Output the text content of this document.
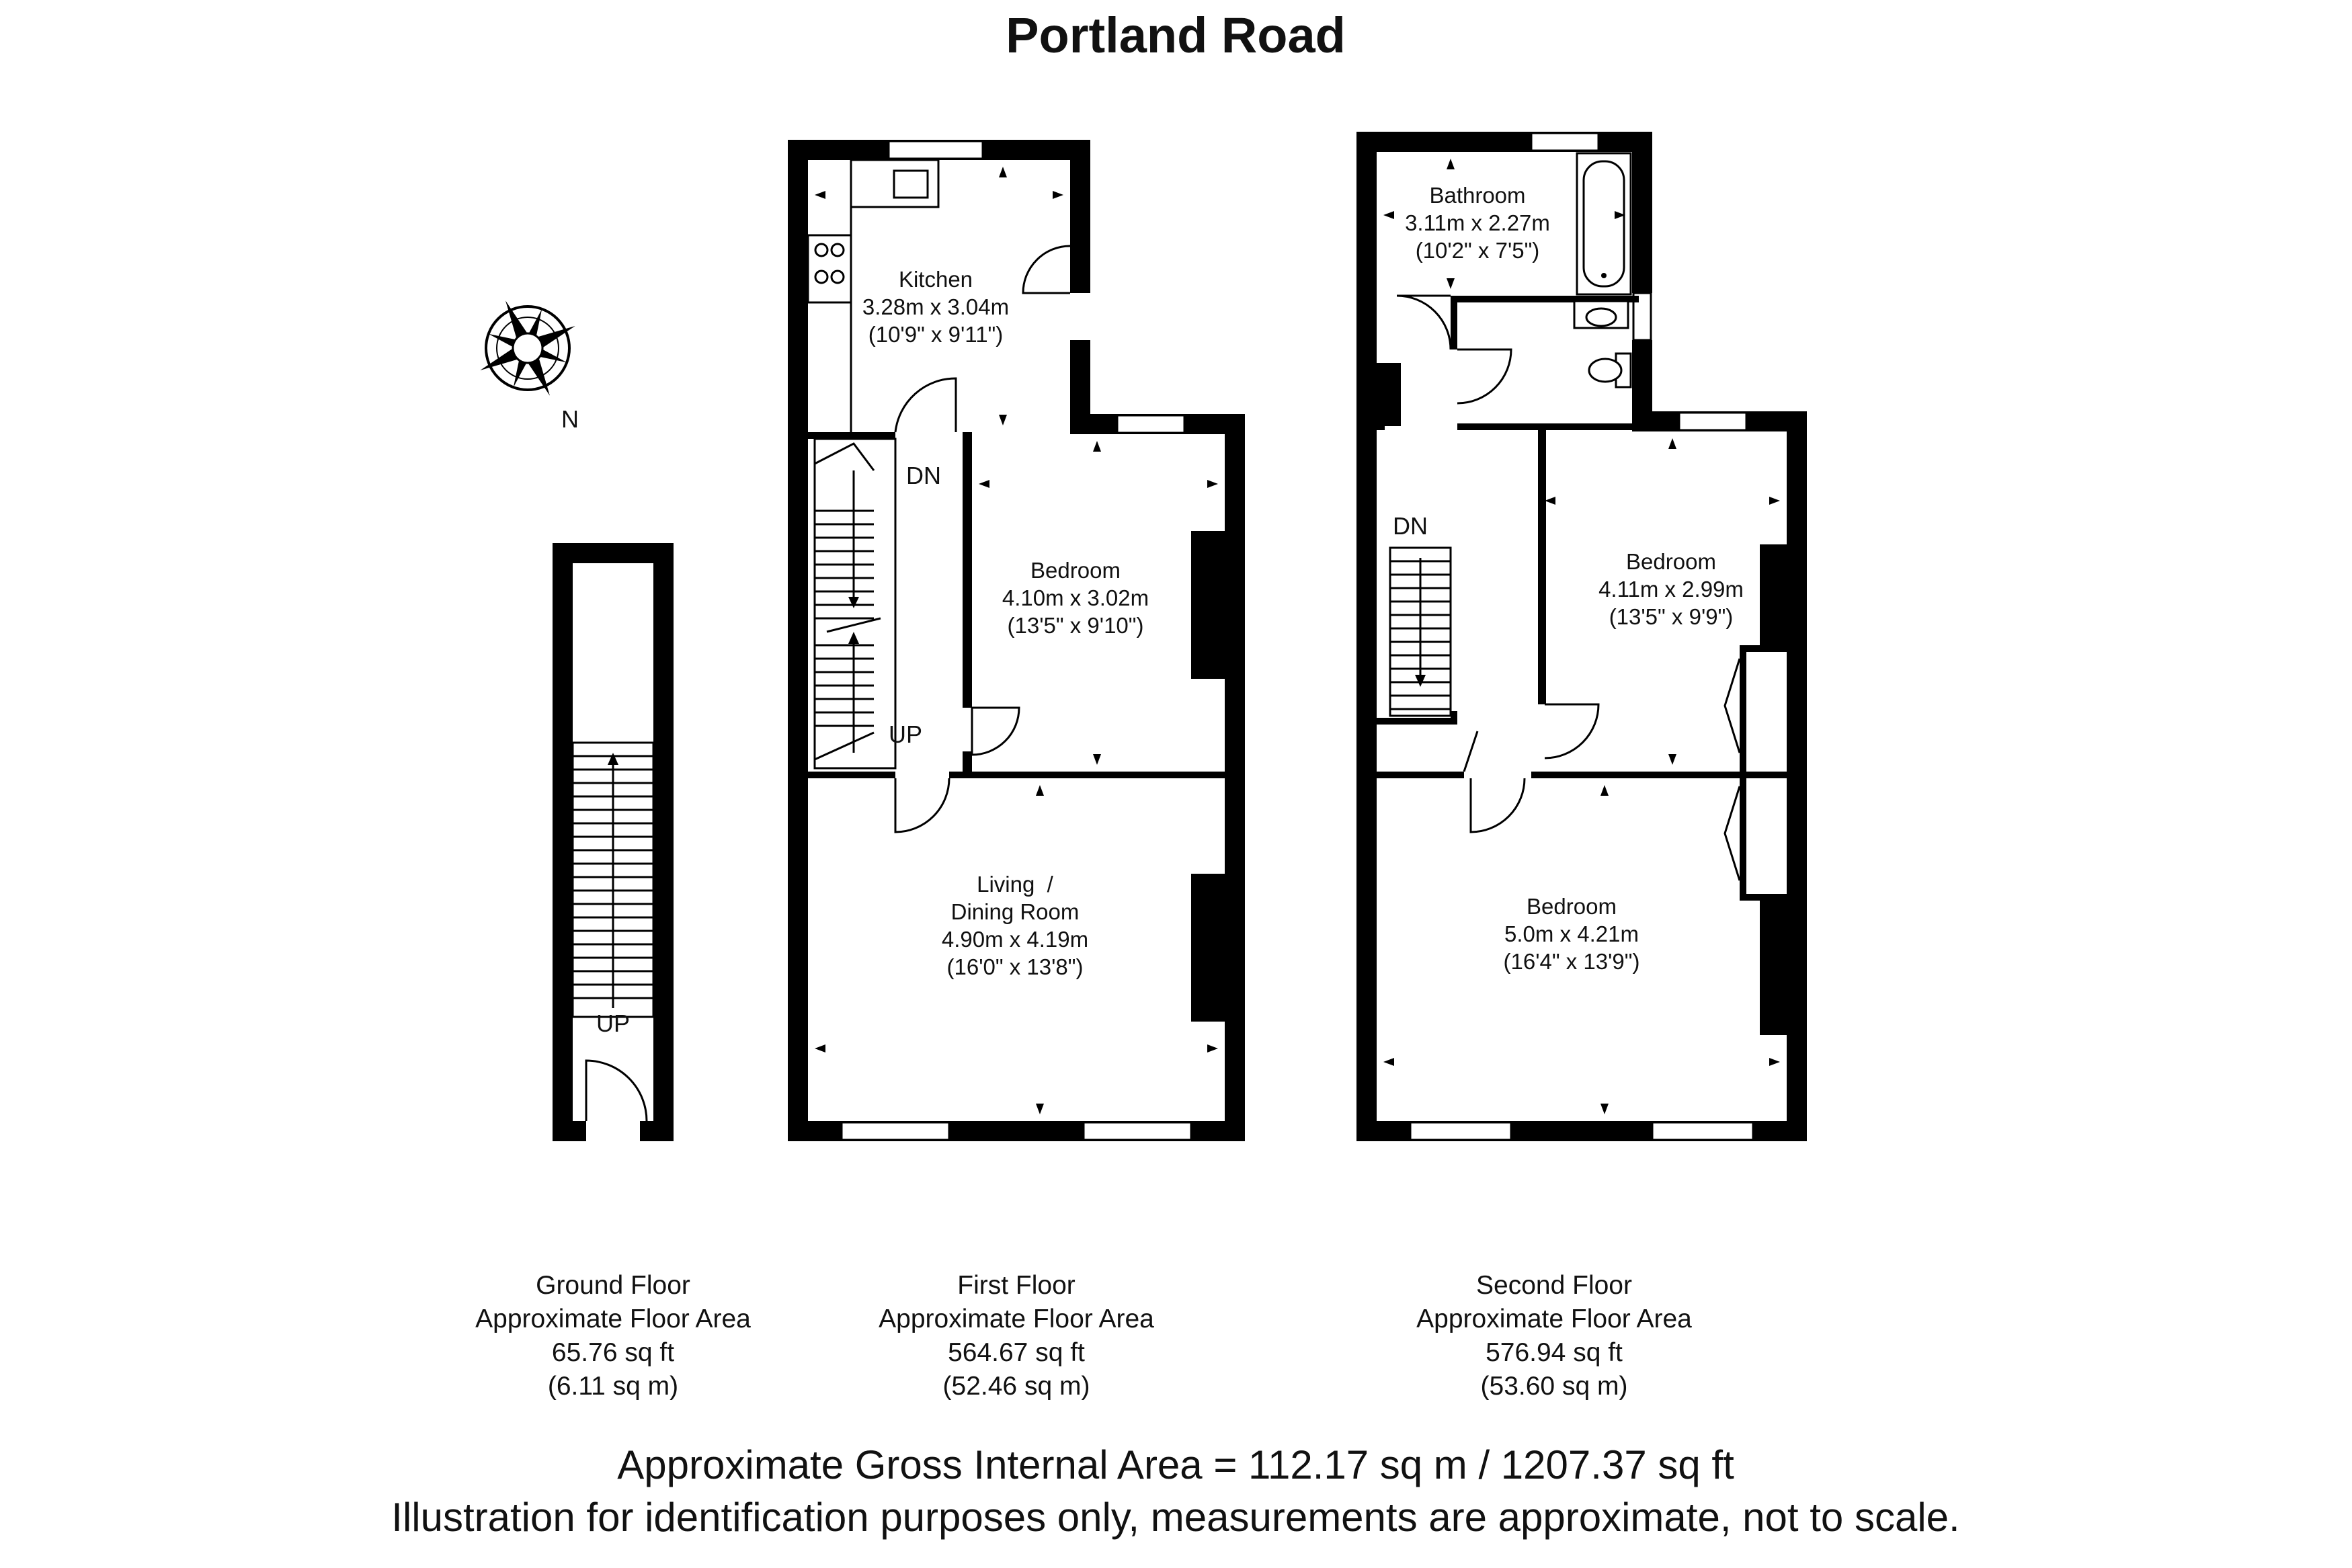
Portland Road
N
UP
DN
UP
Kitchen
3.28m x 3.04m
(10'9" x 9'11")
Bedroom
4.10m x 3.02m
(13'5" x 9'10")
Living  /
Dining Room
4.90m x 4.19m
(16'0" x 13'8")
DN
Bathroom
3.11m x 2.27m
(10'2" x 7'5")
Bedroom
4.11m x 2.99m
(13'5" x 9'9")
Bedroom
5.0m x 4.21m
(16'4" x 13'9")
Ground Floor
Approximate Floor Area
65.76 sq ft
(6.11 sq m)
First Floor
Approximate Floor Area
564.67 sq ft
(52.46 sq m)
Second Floor
Approximate Floor Area
576.94 sq ft
(53.60 sq m)
Approximate Gross Internal Area = 112.17 sq m / 1207.37 sq ft
Illustration for identification purposes only, measurements are approximate, not to scale.
